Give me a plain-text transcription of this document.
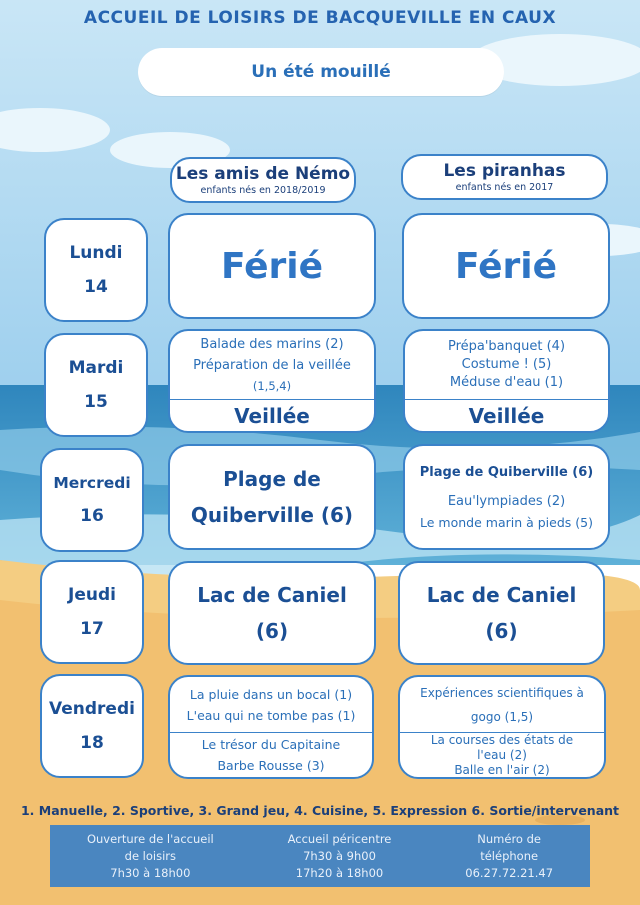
ACCUEIL DE LOISIRS DE BACQUEVILLE EN CAUX
Un été mouillé
Les amis de Némo
enfants nés en 2018/2019
Les piranhas
enfants nés en 2017
Lundi
14
Mardi
15
Mercredi
16
Jeudi
17
Vendredi
18
Férié	Férié
Balade des marins (2)
Préparation de la veillée
(1,5,4)
Veillée
Prépa'banquet (4)
Costume ! (5)
Méduse d'eau (1)
Veillée
Plage de
Quiberville (6)
Plage de Quiberville (6)
Eau'lympiades (2)
Le monde marin à pieds (5)
Lac de Caniel
(6)
Lac de Caniel
(6)
La pluie dans un bocal (1)
L'eau qui ne tombe pas (1)
Le trésor du Capitaine
Barbe Rousse (3)
Expériences scientifiques à
gogo (1,5)
La courses des états de
l'eau (2)
Balle en l'air (2)
1. Manuelle, 2. Sportive, 3. Grand jeu, 4. Cuisine, 5. Expression 6. Sortie/intervenant
Ouverture de l'accueil
de loisirs
7h30 à 18h00
Accueil péricentre
7h30 à 9h00
17h20 à 18h00
Numéro de
téléphone
06.27.72.21.47
